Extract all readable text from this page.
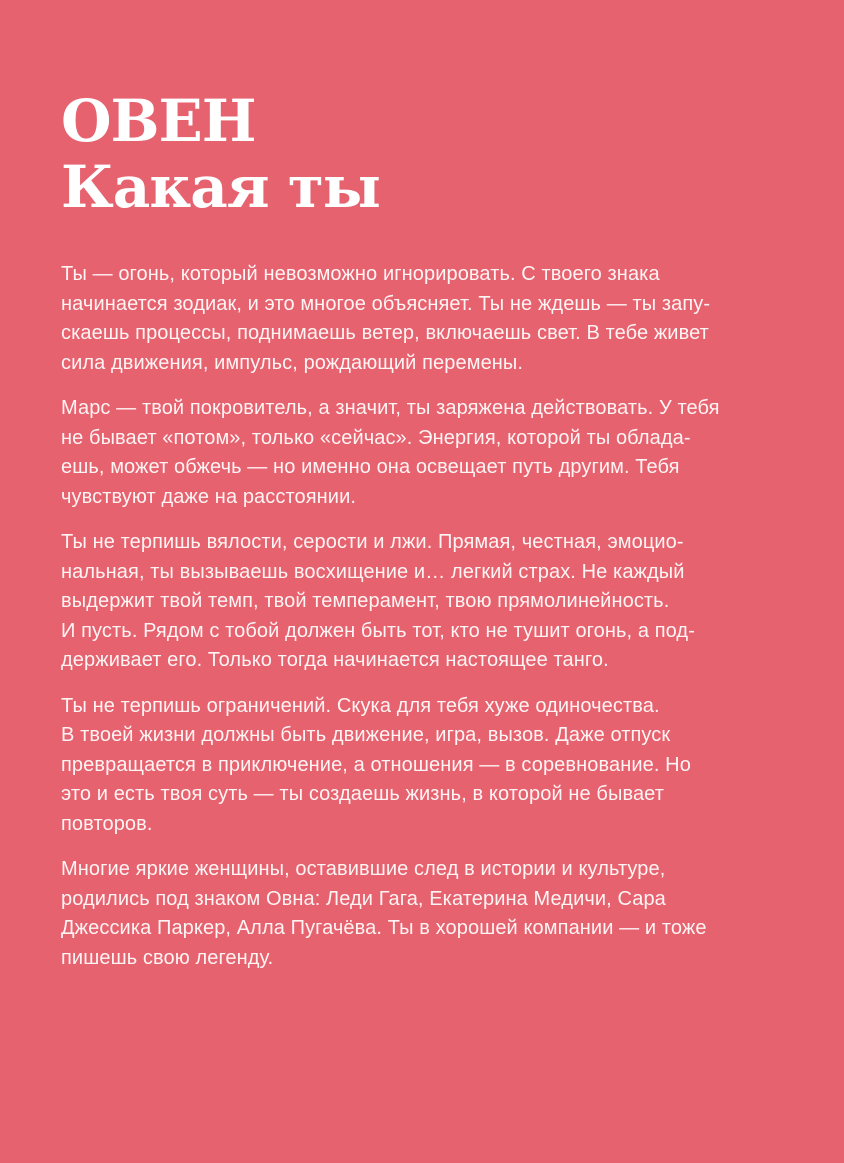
ОВЕН
Какая ты

Ты — огонь, который невозможно игнорировать. С твоего знака
начинается зодиак, и это многое объясняет. Ты не ждешь — ты запу-
скаешь процессы, поднимаешь ветер, включаешь свет. В тебе живет
сила движения, импульс, рождающий перемены.

Марс — твой покровитель, а значит, ты заряжена действовать. У тебя
не бывает «потом», только «сейчас». Энергия, которой ты облада-
ешь, может обжечь — но именно она освещает путь другим. Тебя
чувствуют даже на расстоянии.

Ты не терпишь вялости, серости и лжи. Прямая, честная, эмоцио-
нальная, ты вызываешь восхищение и… легкий страх. Не каждый
выдержит твой темп, твой темперамент, твою прямолинейность.
И пусть. Рядом с тобой должен быть тот, кто не тушит огонь, а под-
держивает его. Только тогда начинается настоящее танго.

Ты не терпишь ограничений. Скука для тебя хуже одиночества.
В твоей жизни должны быть движение, игра, вызов. Даже отпуск
превращается в приключение, а отношения — в соревнование. Но
это и есть твоя суть — ты создаешь жизнь, в которой не бывает
повторов.

Многие яркие женщины, оставившие след в истории и культуре,
родились под знаком Овна: Леди Гага, Екатерина Медичи, Сара
Джессика Паркер, Алла Пугачёва. Ты в хорошей компании — и тоже
пишешь свою легенду.
